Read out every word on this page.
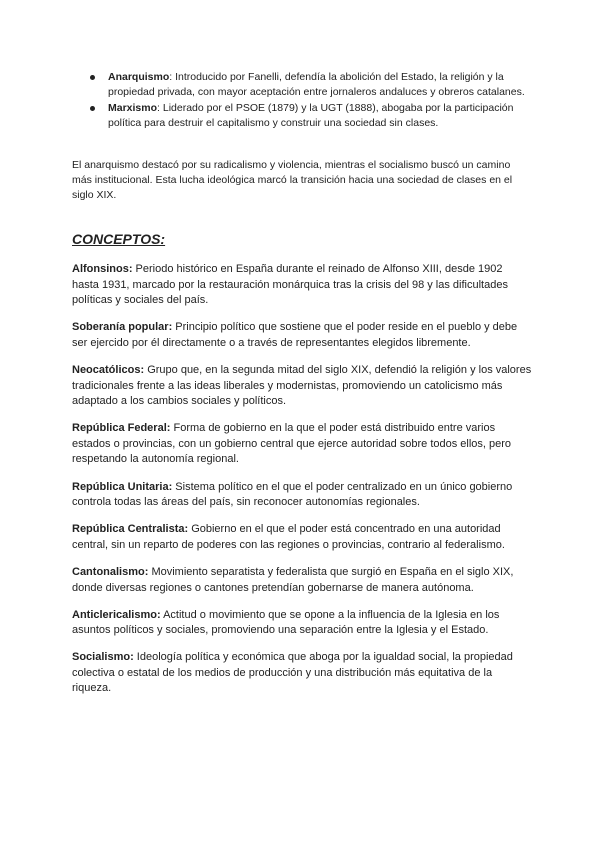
Anarquismo: Introducido por Fanelli, defendía la abolición del Estado, la religión y la propiedad privada, con mayor aceptación entre jornaleros andaluces y obreros catalanes.
Marxismo: Liderado por el PSOE (1879) y la UGT (1888), abogaba por la participación política para destruir el capitalismo y construir una sociedad sin clases.
El anarquismo destacó por su radicalismo y violencia, mientras el socialismo buscó un camino más institucional. Esta lucha ideológica marcó la transición hacia una sociedad de clases en el siglo XIX.
CONCEPTOS:

Alfonsinos: Periodo histórico en España durante el reinado de Alfonso XIII, desde 1902 hasta 1931, marcado por la restauración monárquica tras la crisis del 98 y las dificultades políticas y sociales del país.

Soberanía popular: Principio político que sostiene que el poder reside en el pueblo y debe ser ejercido por él directamente o a través de representantes elegidos libremente.

Neocatólicos: Grupo que, en la segunda mitad del siglo XIX, defendió la religión y los valores tradicionales frente a las ideas liberales y modernistas, promoviendo un catolicismo más adaptado a los cambios sociales y políticos.

República Federal: Forma de gobierno en la que el poder está distribuido entre varios estados o provincias, con un gobierno central que ejerce autoridad sobre todos ellos, pero respetando la autonomía regional.

República Unitaria: Sistema político en el que el poder centralizado en un único gobierno controla todas las áreas del país, sin reconocer autonomías regionales.

República Centralista: Gobierno en el que el poder está concentrado en una autoridad central, sin un reparto de poderes con las regiones o provincias, contrario al federalismo.

Cantonalismo: Movimiento separatista y federalista que surgió en España en el siglo XIX, donde diversas regiones o cantones pretendían gobernarse de manera autónoma.

Anticlericalismo: Actitud o movimiento que se opone a la influencia de la Iglesia en los asuntos políticos y sociales, promoviendo una separación entre la Iglesia y el Estado.

Socialismo: Ideología política y económica que aboga por la igualdad social, la propiedad colectiva o estatal de los medios de producción y una distribución más equitativa de la riqueza.
